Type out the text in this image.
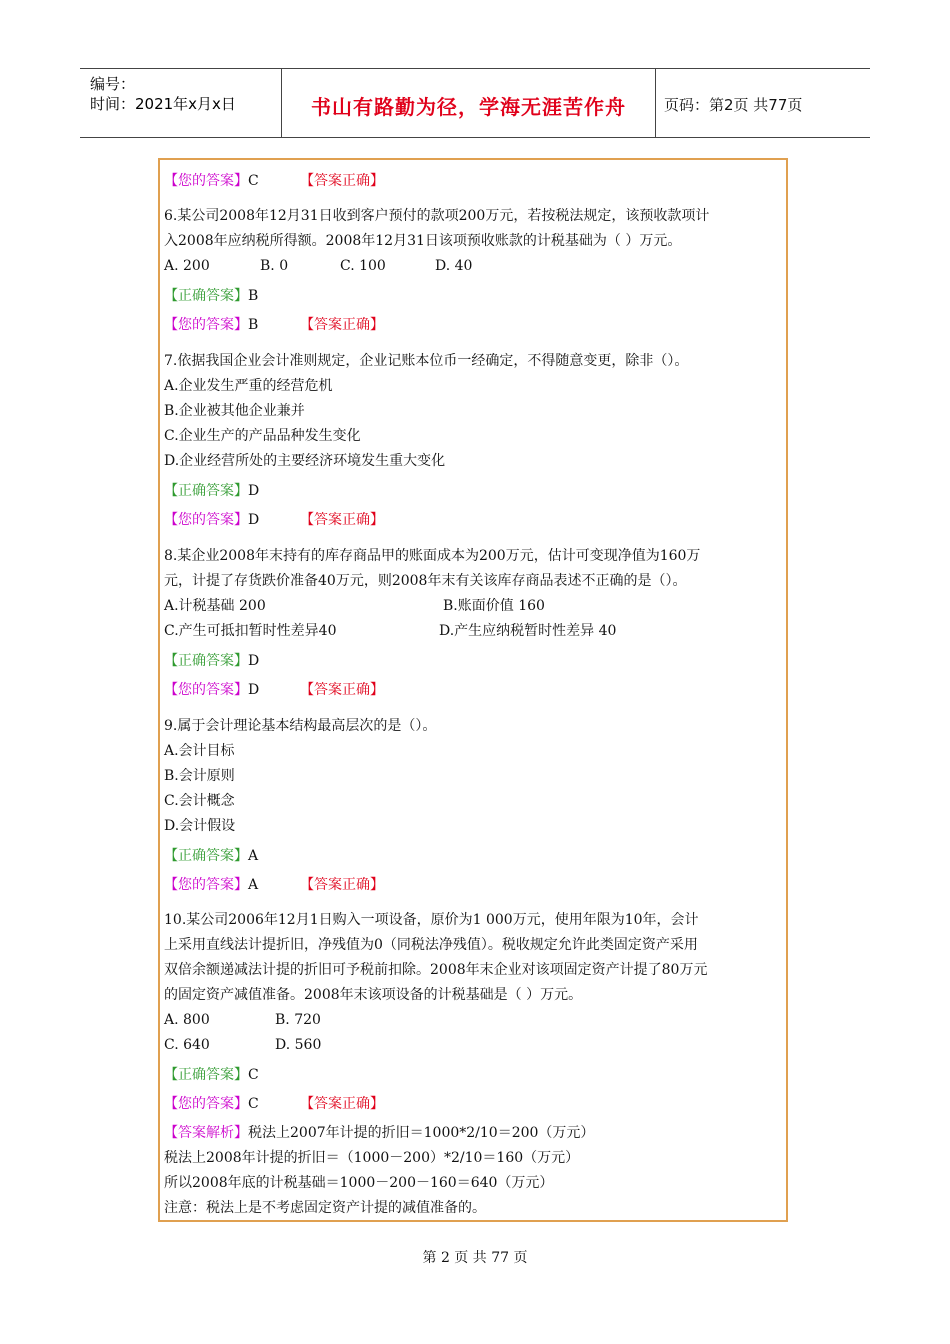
编号：
时间：2021年x月x日	书山有路勤为径，学海无涯苦作舟	页码：第2页 共77页
【您的答案】C	【答案正确】
6.某公司2008年12月31日收到客户预付的款项200万元，若按税法规定，该预收款项计
入2008年应纳税所得额。2008年12月31日该项预收账款的计税基础为（ ）万元。
A. 200	B. 0	C. 100	D. 40
【正确答案】B
【您的答案】B	【答案正确】
7.依据我国企业会计准则规定，企业记账本位币一经确定，不得随意变更，除非（）。
A.企业发生严重的经营危机
B.企业被其他企业兼并
C.企业生产的产品品种发生变化
D.企业经营所处的主要经济环境发生重大变化
【正确答案】D
【您的答案】D	【答案正确】
8.某企业2008年末持有的库存商品甲的账面成本为200万元，估计可变现净值为160万
元，计提了存货跌价准备40万元，则2008年末有关该库存商品表述不正确的是（）。
A.计税基础 200	B.账面价值 160
C.产生可抵扣暂时性差异40	D.产生应纳税暂时性差异 40
【正确答案】D
【您的答案】D	【答案正确】
9.属于会计理论基本结构最高层次的是（）。
A.会计目标
B.会计原则
C.会计概念
D.会计假设
【正确答案】A
【您的答案】A	【答案正确】
10.某公司2006年12月1日购入一项设备，原价为1 000万元，使用年限为10年，会计
上采用直线法计提折旧，净残值为0（同税法净残值）。税收规定允许此类固定资产采用
双倍余额递减法计提的折旧可予税前扣除。2008年末企业对该项固定资产计提了80万元
的固定资产减值准备。2008年末该项设备的计税基础是（ ）万元。
A. 800	B. 720
C. 640	D. 560
【正确答案】C
【您的答案】C	【答案正确】
【答案解析】税法上2007年计提的折旧＝1000*2/10＝200（万元）
税法上2008年计提的折旧＝（1000－200）*2/10＝160（万元）
所以2008年底的计税基础＝1000－200－160＝640（万元）
注意：税法上是不考虑固定资产计提的减值准备的。
第 2 页 共 77 页
